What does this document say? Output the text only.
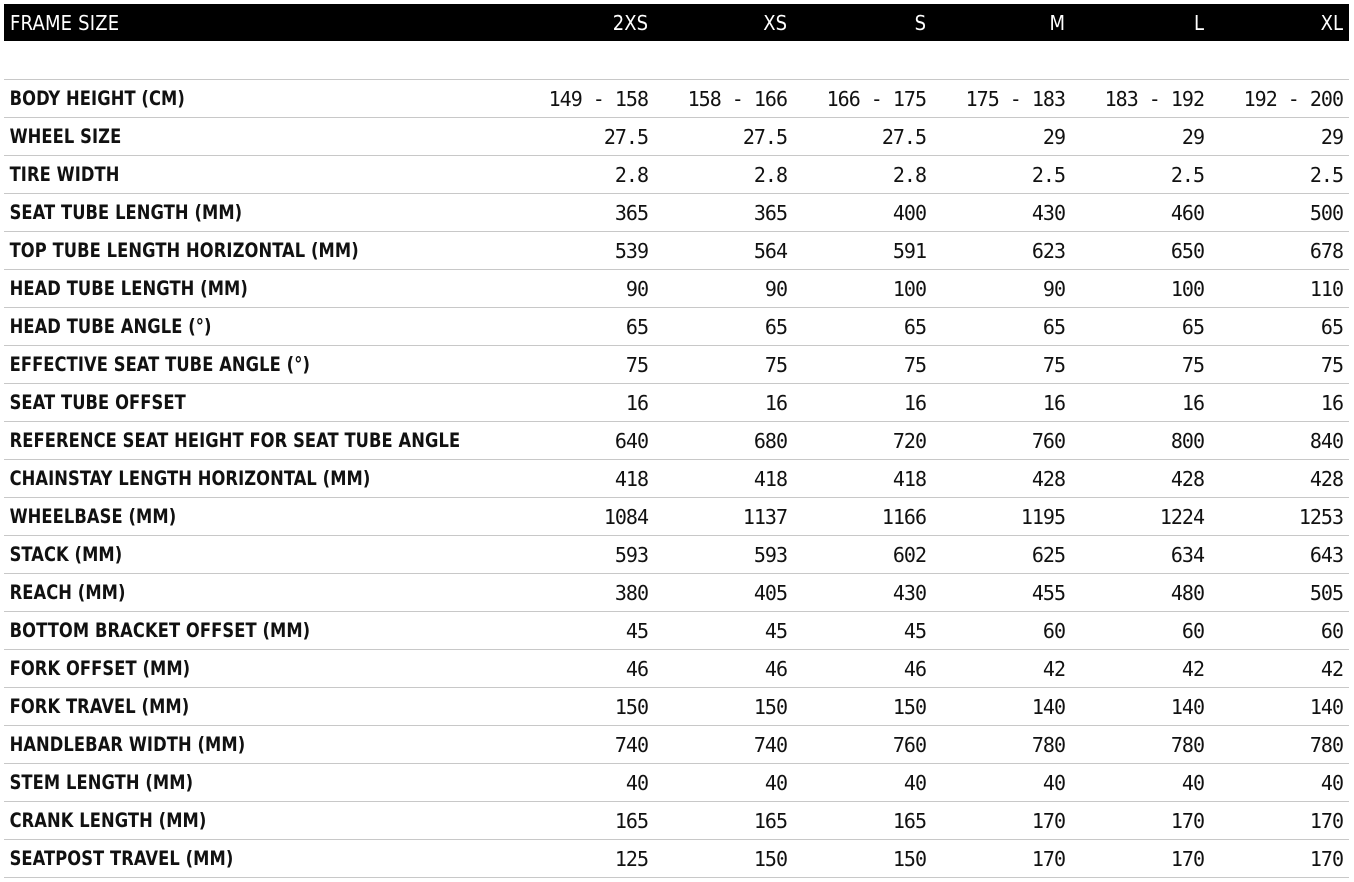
FRAME SIZE	2XS	XS	S	M	L	XL
BODY HEIGHT (CM)	149 - 158	158 - 166	166 - 175	175 - 183	183 - 192	192 - 200
WHEEL SIZE	27.5	27.5	27.5	29	29	29
TIRE WIDTH	2.8	2.8	2.8	2.5	2.5	2.5
SEAT TUBE LENGTH (MM)	365	365	400	430	460	500
TOP TUBE LENGTH HORIZONTAL (MM)	539	564	591	623	650	678
HEAD TUBE LENGTH (MM)	90	90	100	90	100	110
HEAD TUBE ANGLE (°)	65	65	65	65	65	65
EFFECTIVE SEAT TUBE ANGLE (°)	75	75	75	75	75	75
SEAT TUBE OFFSET	16	16	16	16	16	16
REFERENCE SEAT HEIGHT FOR SEAT TUBE ANGLE	640	680	720	760	800	840
CHAINSTAY LENGTH HORIZONTAL (MM)	418	418	418	428	428	428
WHEELBASE (MM)	1084	1137	1166	1195	1224	1253
STACK (MM)	593	593	602	625	634	643
REACH (MM)	380	405	430	455	480	505
BOTTOM BRACKET OFFSET (MM)	45	45	45	60	60	60
FORK OFFSET (MM)	46	46	46	42	42	42
FORK TRAVEL (MM)	150	150	150	140	140	140
HANDLEBAR WIDTH (MM)	740	740	760	780	780	780
STEM LENGTH (MM)	40	40	40	40	40	40
CRANK LENGTH (MM)	165	165	165	170	170	170
SEATPOST TRAVEL (MM)	125	150	150	170	170	170
